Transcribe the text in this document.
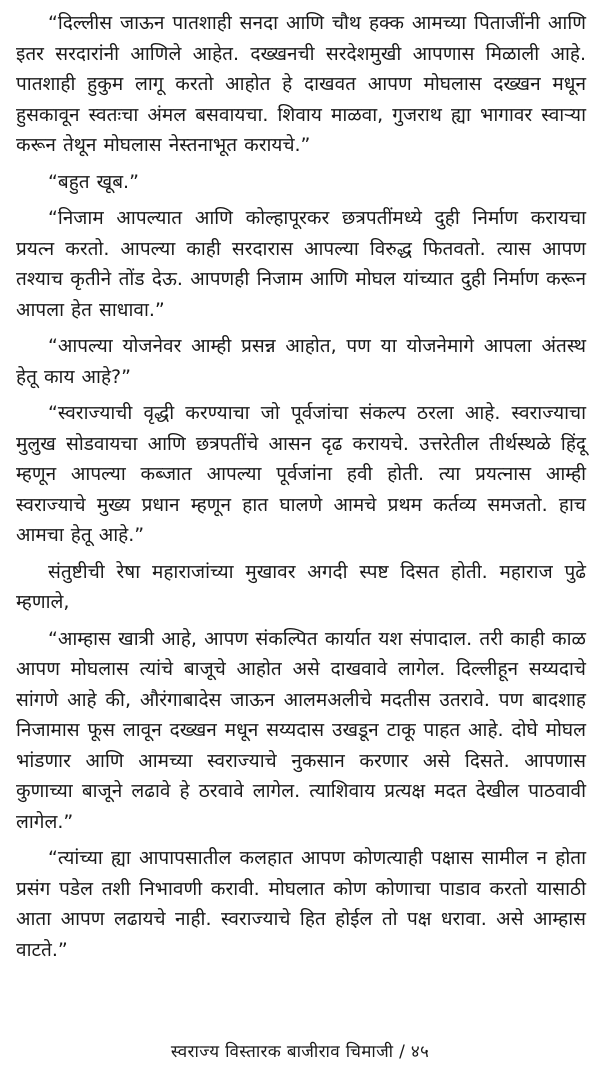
“दिल्लीस जाऊन पातशाही सनदा आणि चौथ हक्क आमच्या पिताजींनी आणि इतर सरदारांनी आणिले आहेत. दख्खनची सरदेशमुखी आपणास मिळाली आहे. पातशाही हुकुम लागू करतो आहोत हे दाखवत आपण मोघलास दख्खन मधून हुसकावून स्वतःचा अंमल बसवायचा. शिवाय माळवा, गुजराथ ह्या भागावर स्वाऱ्या करून तेथून मोघलास नेस्तनाभूत करायचे.”

“बहुत खूब.”

“निजाम आपल्यात आणि कोल्हापूरकर छत्रपतींमध्ये दुही निर्माण करायचा प्रयत्न करतो. आपल्या काही सरदारास आपल्या विरुद्ध फितवतो. त्यास आपण तश्याच कृतीने तोंड देऊ. आपणही निजाम आणि मोघल यांच्यात दुही निर्माण करून आपला हेत साधावा.”

“आपल्या योजनेवर आम्ही प्रसन्न आहोत, पण या योजनेमागे आपला अंतस्थ हेतू काय आहे?”

“स्वराज्याची वृद्धी करण्याचा जो पूर्वजांचा संकल्प ठरला आहे. स्वराज्याचा मुलुख सोडवायचा आणि छत्रपतींचे आसन दृढ करायचे. उत्तरेतील तीर्थस्थळे हिंदू म्हणून आपल्या कब्जात आपल्या पूर्वजांना हवी होती. त्या प्रयत्नास आम्ही स्वराज्याचे मुख्य प्रधान म्हणून हात घालणे आमचे प्रथम कर्तव्य समजतो. हाच आमचा हेतू आहे.”

संतुष्टीची रेषा महाराजांच्या मुखावर अगदी स्पष्ट दिसत होती. महाराज पुढे म्हणाले,

“आम्हास खात्री आहे, आपण संकल्पित कार्यात यश संपादाल. तरी काही काळ आपण मोघलास त्यांचे बाजूचे आहोत असे दाखवावे लागेल. दिल्लीहून सय्यदाचे सांगणे आहे की, औरंगाबादेस जाऊन आलमअलीचे मदतीस उतरावे. पण बादशाह निजामास फूस लावून दख्खन मधून सय्यदास उखडून टाकू पाहत आहे. दोघे मोघल भांडणार आणि आमच्या स्वराज्याचे नुकसान करणार असे दिसते. आपणास कुणाच्या बाजूने लढावे हे ठरवावे लागेल. त्याशिवाय प्रत्यक्ष मदत देखील पाठवावी लागेल.”

“त्यांच्या ह्या आपापसातील कलहात आपण कोणत्याही पक्षास सामील न होता प्रसंग पडेल तशी निभावणी करावी. मोघलात कोण कोणाचा पाडाव करतो यासाठी आता आपण लढायचे नाही. स्वराज्याचे हित होईल तो पक्ष धरावा. असे आम्हास वाटते.”

स्वराज्य विस्तारक बाजीराव चिमाजी / ४५
